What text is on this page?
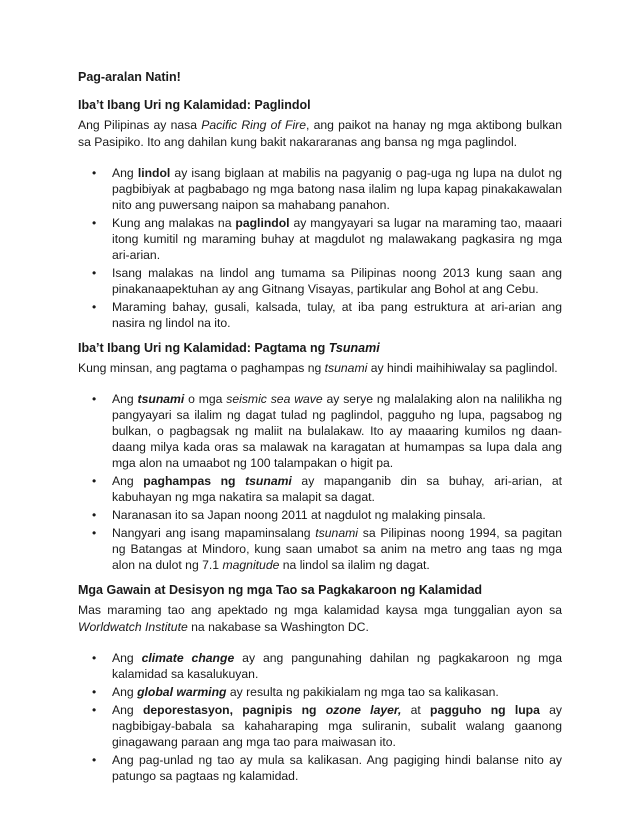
Pag-aralan Natin!

Iba’t Ibang Uri ng Kalamidad: Paglindol

Ang Pilipinas ay nasa Pacific Ring of Fire, ang paikot na hanay ng mga aktibong bulkan sa Pasipiko. Ito ang dahilan kung bakit nakararanas ang bansa ng mga paglindol.

• Ang lindol ay isang biglaan at mabilis na pagyanig o pag-uga ng lupa na dulot ng pagbibiyak at pagbabago ng mga batong nasa ilalim ng lupa kapag pinakakawalan nito ang puwersang naipon sa mahabang panahon.
• Kung ang malakas na paglindol ay mangyayari sa lugar na maraming tao, maaari itong kumitil ng maraming buhay at magdulot ng malawakang pagkasira ng mga ari-arian.
• Isang malakas na lindol ang tumama sa Pilipinas noong 2013 kung saan ang pinakanaapektuhan ay ang Gitnang Visayas, partikular ang Bohol at ang Cebu.
• Maraming bahay, gusali, kalsada, tulay, at iba pang estruktura at ari-arian ang nasira ng lindol na ito.

Iba’t Ibang Uri ng Kalamidad: Pagtama ng Tsunami

Kung minsan, ang pagtama o paghampas ng tsunami ay hindi maihihiwalay sa paglindol.

• Ang tsunami o mga seismic sea wave ay serye ng malalaking alon na nalilikha ng pangyayari sa ilalim ng dagat tulad ng paglindol, pagguho ng lupa, pagsabog ng bulkan, o pagbagsak ng maliit na bulalakaw. Ito ay maaaring kumilos ng daan-daang milya kada oras sa malawak na karagatan at humampas sa lupa dala ang mga alon na umaabot ng 100 talampakan o higit pa.
• Ang paghampas ng tsunami ay mapanganib din sa buhay, ari-arian, at kabuhayan ng mga nakatira sa malapit sa dagat.
• Naranasan ito sa Japan noong 2011 at nagdulot ng malaking pinsala.
• Nangyari ang isang mapaminsalang tsunami sa Pilipinas noong 1994, sa pagitan ng Batangas at Mindoro, kung saan umabot sa anim na metro ang taas ng mga alon na dulot ng 7.1 magnitude na lindol sa ilalim ng dagat.

Mga Gawain at Desisyon ng mga Tao sa Pagkakaroon ng Kalamidad

Mas maraming tao ang apektado ng mga kalamidad kaysa mga tunggalian ayon sa Worldwatch Institute na nakabase sa Washington DC.

• Ang climate change ay ang pangunahing dahilan ng pagkakaroon ng mga kalamidad sa kasalukuyan.
• Ang global warming ay resulta ng pakikialam ng mga tao sa kalikasan.
• Ang deporestasyon, pagnipis ng ozone layer, at pagguho ng lupa ay nagbibigay-babala sa kahaharaping mga suliranin, subalit walang gaanong ginagawang paraan ang mga tao para maiwasan ito.
• Ang pag-unlad ng tao ay mula sa kalikasan. Ang pagiging hindi balanse nito ay patungo sa pagtaas ng kalamidad.
